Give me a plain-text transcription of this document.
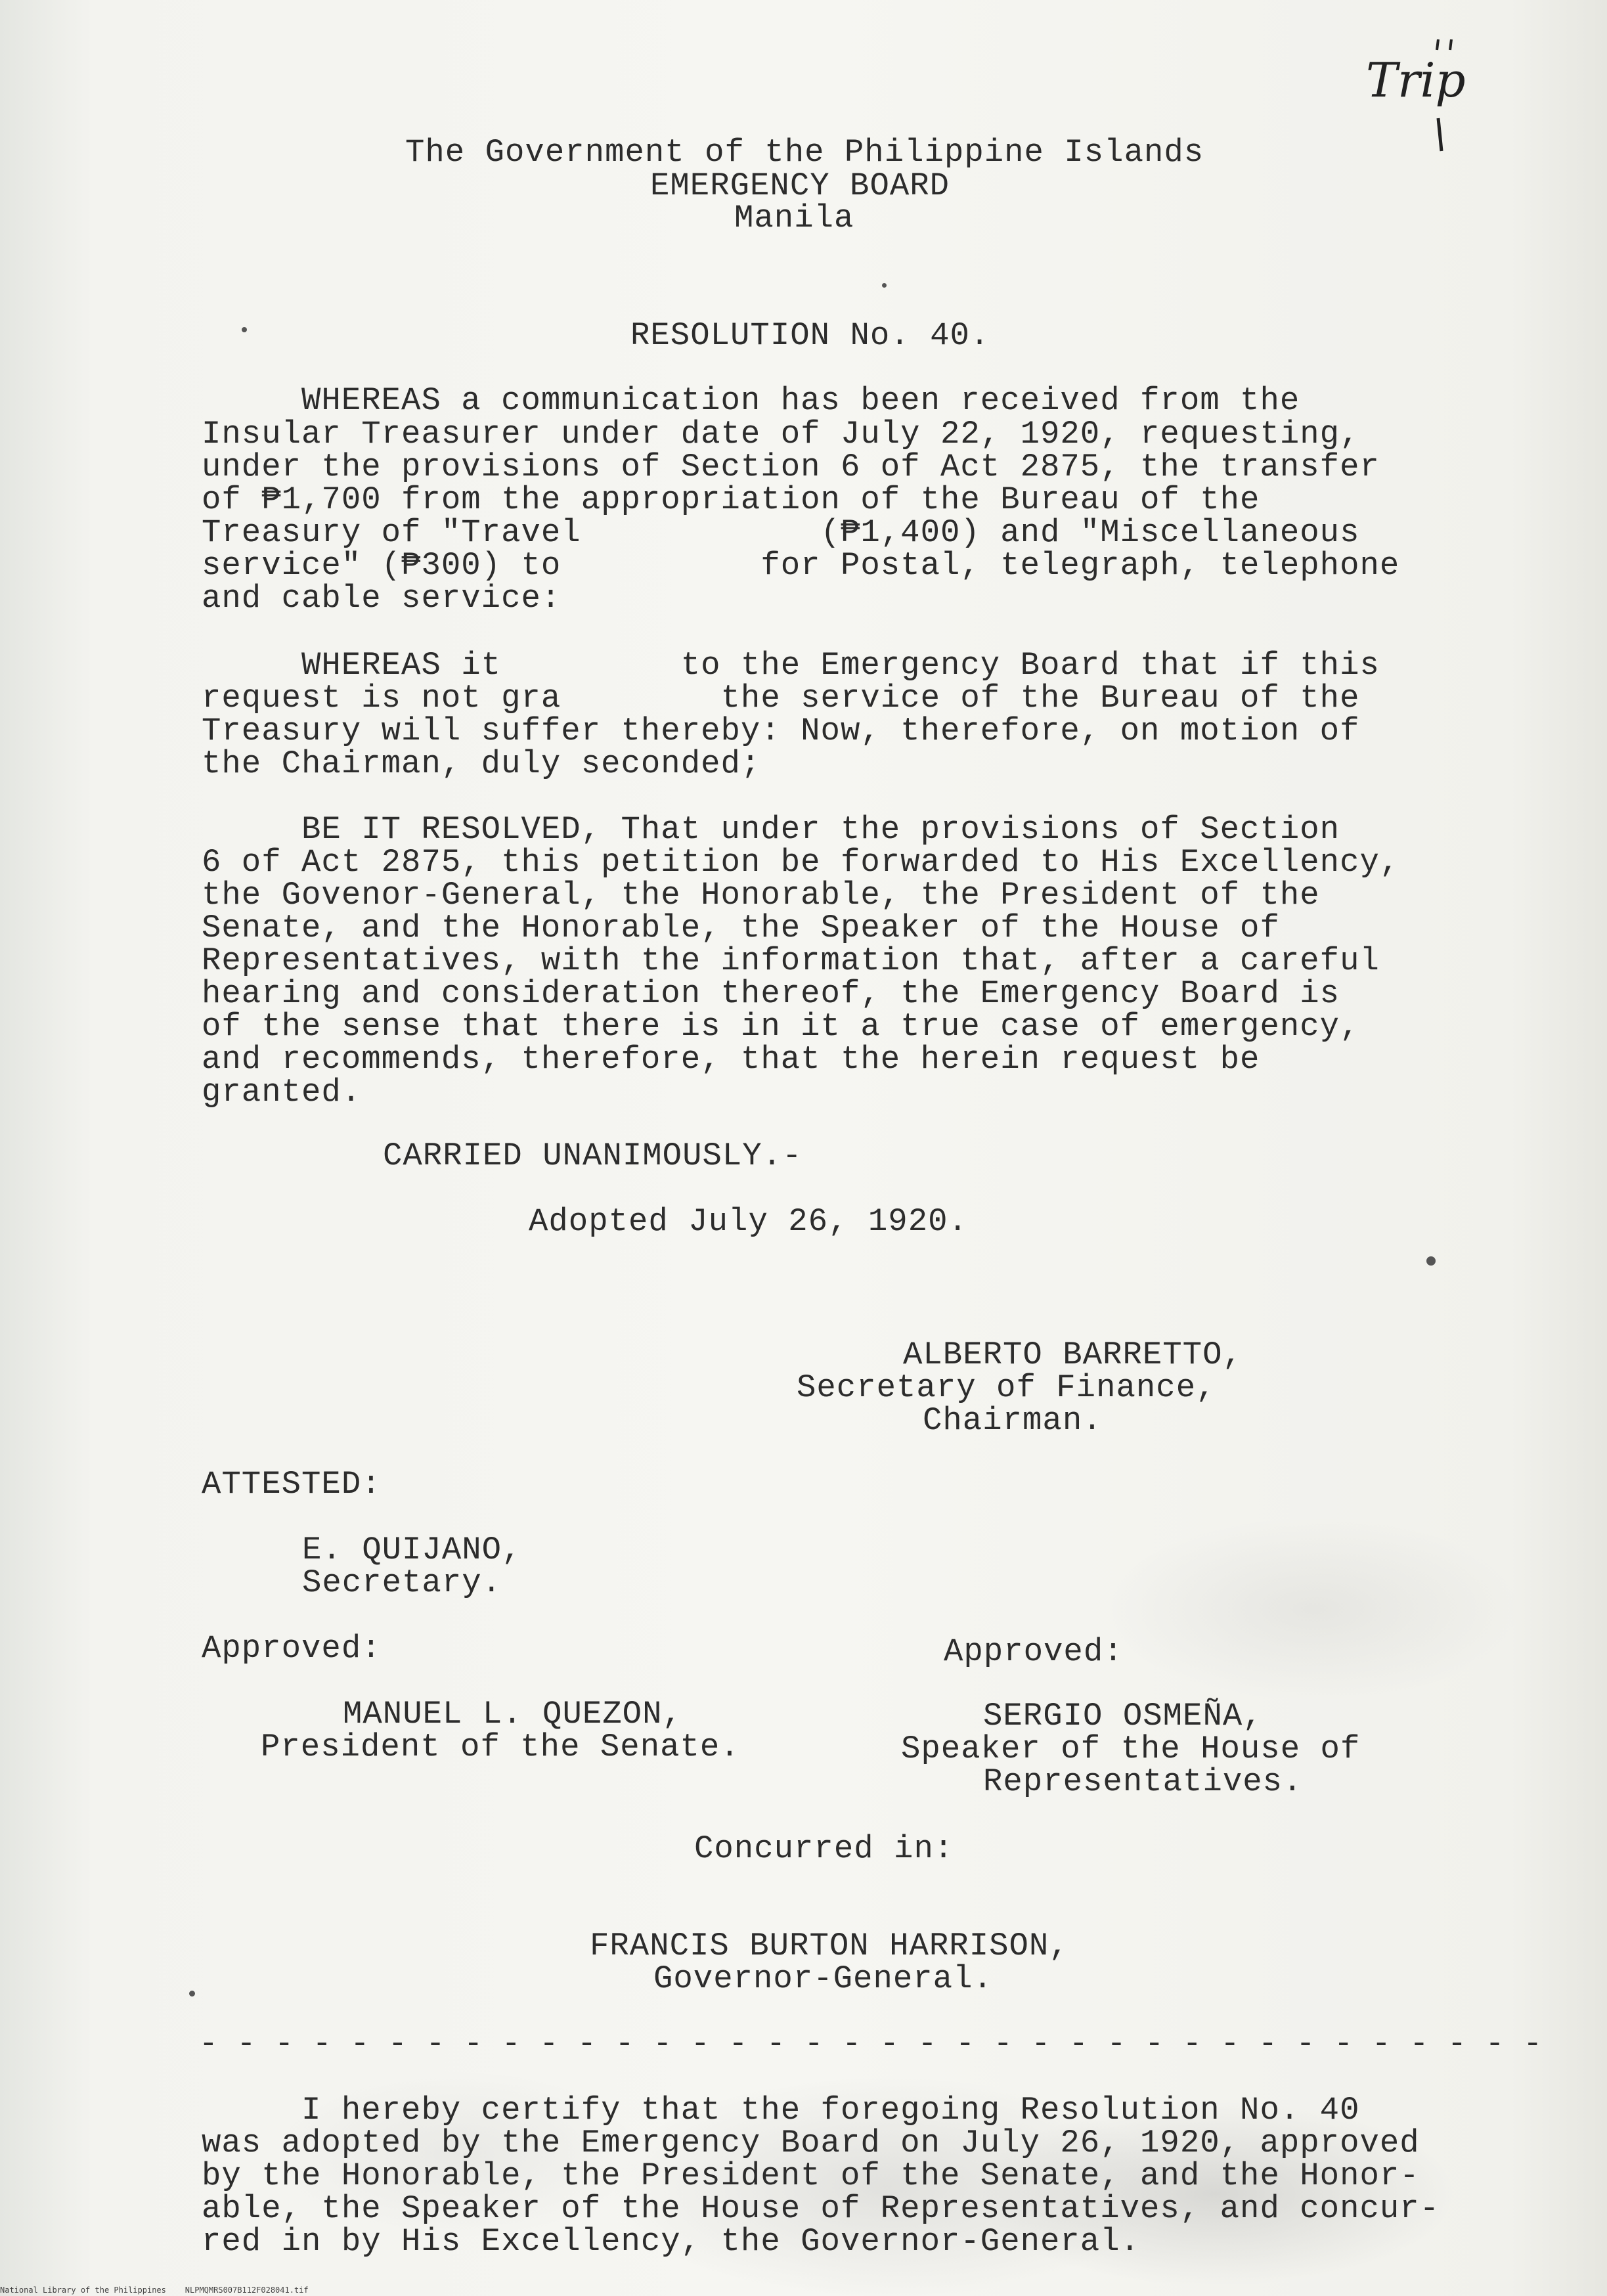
Trip
The Government of the Philippine Islands
EMERGENCY BOARD
Manila
RESOLUTION No. 40.
WHEREAS a communication has been received from the
Insular Treasurer under date of July 22, 1920, requesting,
under the provisions of Section 6 of Act 2875, the transfer
of ₱1,700 from the appropriation of the Bureau of the
Treasury of "Travel            (₱1,400) and "Miscellaneous
service" (₱300) to          for Postal, telegraph, telephone
and cable service:
WHEREAS it         to the Emergency Board that if this
request is not gra        the service of the Bureau of the
Treasury will suffer thereby: Now, therefore, on motion of
the Chairman, duly seconded;
BE IT RESOLVED, That under the provisions of Section
6 of Act 2875, this petition be forwarded to His Excellency,
the Govenor-General, the Honorable, the President of the
Senate, and the Honorable, the Speaker of the House of
Representatives, with the information that, after a careful
hearing and consideration thereof, the Emergency Board is
of the sense that there is in it a true case of emergency,
and recommends, therefore, that the herein request be
granted.
CARRIED UNANIMOUSLY.-
Adopted July 26, 1920.
ALBERTO BARRETTO,
Secretary of Finance,
Chairman.
ATTESTED:
E. QUIJANO,
Secretary.
Approved:
MANUEL L. QUEZON,
President of the Senate.
Approved:
SERGIO OSMEÑA,
Speaker of the House of
Representatives.
Concurred in:
FRANCIS BURTON HARRISON,
Governor-General.
- - - - - - - - - - - - - - - - - - - - - - - - - - - - - - - - - - - -
I hereby certify that the foregoing Resolution No. 40
was adopted by the Emergency Board on July 26, 1920, approved
by the Honorable, the President of the Senate, and the Honor-
able, the Speaker of the House of Representatives, and concur-
red in by His Excellency, the Governor-General.
National Library of the Philippines NLPMQMRS007B112F028041.tif
